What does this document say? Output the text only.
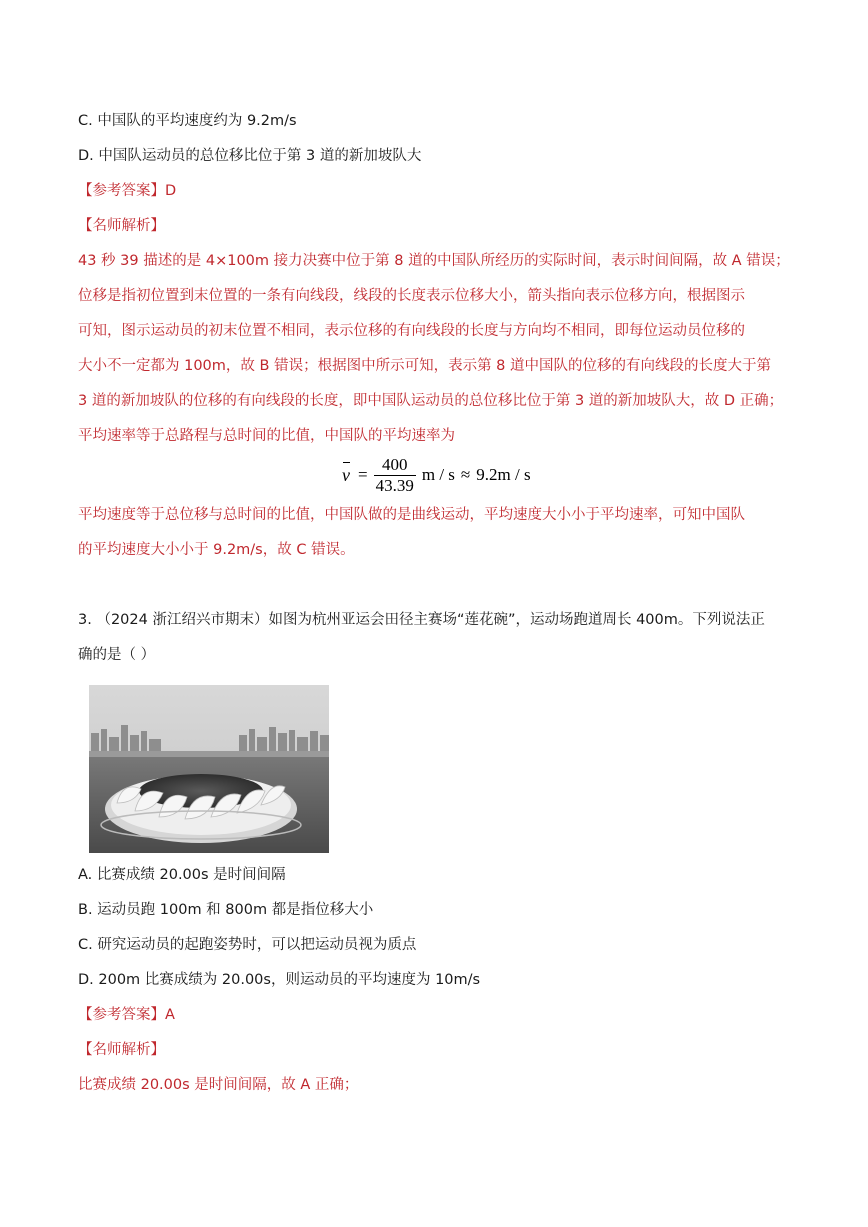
C. 中国队的平均速度约为 9.2m/s
D. 中国队运动员的总位移比位于第 3 道的新加坡队大
【参考答案】D
【名师解析】
43 秒 39 描述的是 4×100m 接力决赛中位于第 8 道的中国队所经历的实际时间，表示时间间隔，故 A 错误；
位移是指初位置到末位置的一条有向线段，线段的长度表示位移大小，箭头指向表示位移方向，根据图示
可知，图示运动员的初末位置不相同，表示位移的有向线段的长度与方向均不相同，即每位运动员位移的
大小不一定都为 100m，故 B 错误；根据图中所示可知，表示第 8 道中国队的位移的有向线段的长度大于第
3 道的新加坡队的位移的有向线段的长度，即中国队运动员的总位移比位于第 3 道的新加坡队大，故 D 正确；
平均速率等于总路程与总时间的比值，中国队的平均速率为
$v = \frac{400}{43.39}$ m / s ≈ 9.2m / s
平均速度等于总位移与总时间的比值，中国队做的是曲线运动，平均速度大小小于平均速率，可知中国队
的平均速度大小小于 9.2m/s，故 C 错误。
3. （2024 浙江绍兴市期末）如图为杭州亚运会田径主赛场“莲花碗”，运动场跑道周长 400m。下列说法正
确的是（ ）
A. 比赛成绩 20.00s 是时间间隔
B. 运动员跑 100m 和 800m 都是指位移大小
C. 研究运动员的起跑姿势时，可以把运动员视为质点
D. 200m 比赛成绩为 20.00s，则运动员的平均速度为 10m/s
【参考答案】A
【名师解析】
比赛成绩 20.00s 是时间间隔，故 A 正确；
